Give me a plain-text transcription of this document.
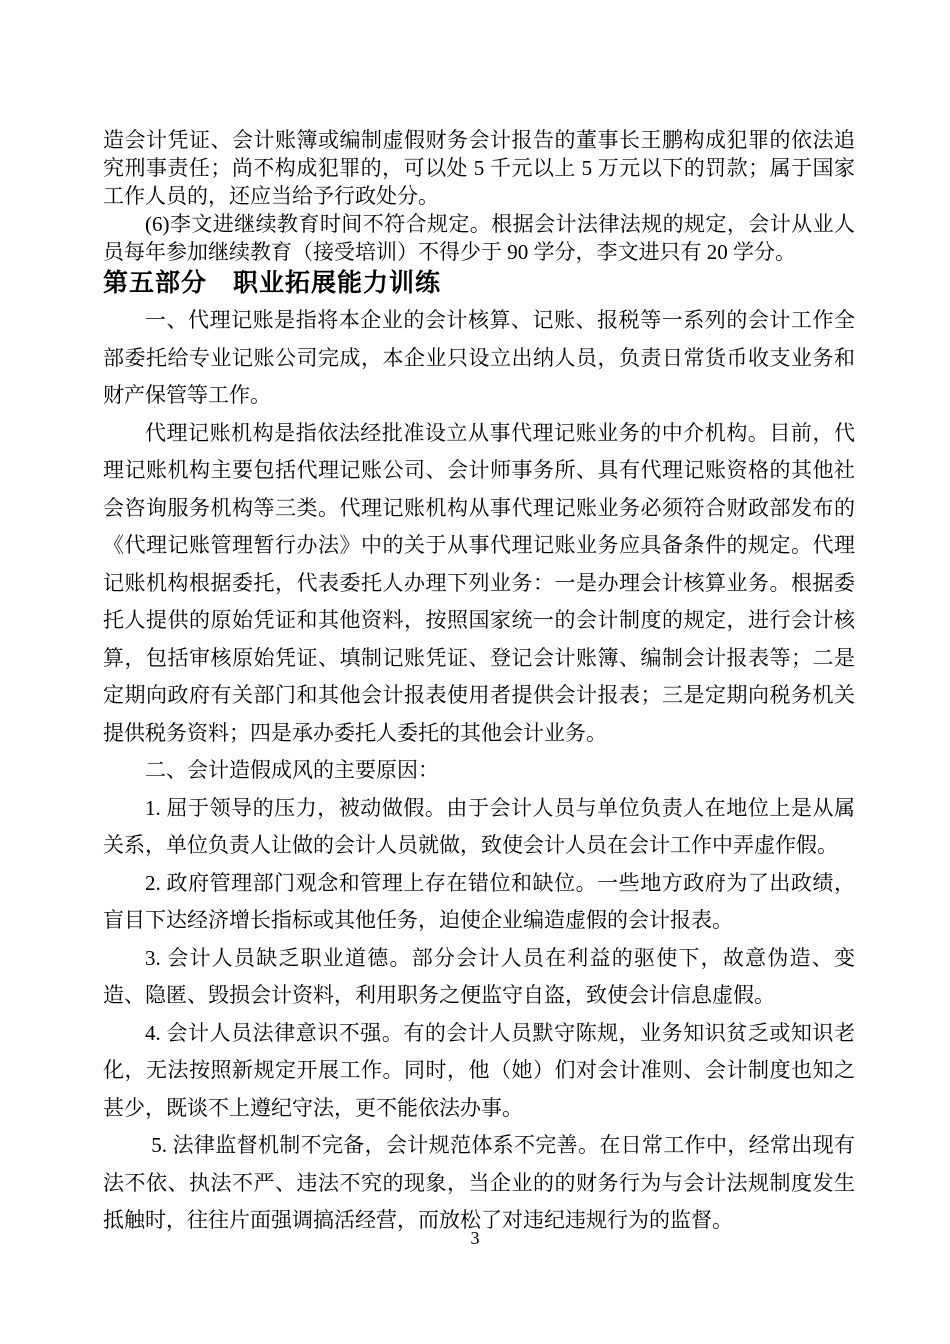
造会计凭证、会计账簿或编制虚假财务会计报告的董事长王鹏构成犯罪的依法追究刑事责任；尚不构成犯罪的，可以处 5 千元以上 5 万元以下的罚款；属于国家工作人员的，还应当给予行政处分。

(6)李文进继续教育时间不符合规定。根据会计法律法规的规定，会计从业人员每年参加继续教育（接受培训）不得少于 90 学分，李文进只有 20 学分。

第五部分　职业拓展能力训练

一、代理记账是指将本企业的会计核算、记账、报税等一系列的会计工作全部委托给专业记账公司完成，本企业只设立出纳人员，负责日常货币收支业务和财产保管等工作。

代理记账机构是指依法经批准设立从事代理记账业务的中介机构。目前，代理记账机构主要包括代理记账公司、会计师事务所、具有代理记账资格的其他社会咨询服务机构等三类。代理记账机构从事代理记账业务必须符合财政部发布的《代理记账管理暂行办法》中的关于从事代理记账业务应具备条件的规定。代理记账机构根据委托，代表委托人办理下列业务：一是办理会计核算业务。根据委托人提供的原始凭证和其他资料，按照国家统一的会计制度的规定，进行会计核算，包括审核原始凭证、填制记账凭证、登记会计账簿、编制会计报表等；二是定期向政府有关部门和其他会计报表使用者提供会计报表；三是定期向税务机关提供税务资料；四是承办委托人委托的其他会计业务。

二、会计造假成风的主要原因：

1. 屈于领导的压力，被动做假。由于会计人员与单位负责人在地位上是从属关系，单位负责人让做的会计人员就做，致使会计人员在会计工作中弄虚作假。

2. 政府管理部门观念和管理上存在错位和缺位。一些地方政府为了出政绩，盲目下达经济增长指标或其他任务，迫使企业编造虚假的会计报表。

3. 会计人员缺乏职业道德。部分会计人员在利益的驱使下，故意伪造、变造、隐匿、毁损会计资料，利用职务之便监守自盗，致使会计信息虚假。

4. 会计人员法律意识不强。有的会计人员默守陈规，业务知识贫乏或知识老化，无法按照新规定开展工作。同时，他（她）们对会计准则、会计制度也知之甚少，既谈不上遵纪守法，更不能依法办事。

5. 法律监督机制不完备，会计规范体系不完善。在日常工作中，经常出现有法不依、执法不严、违法不究的现象，当企业的的财务行为与会计法规制度发生抵触时，往往片面强调搞活经营，而放松了对违纪违规行为的监督。

3
